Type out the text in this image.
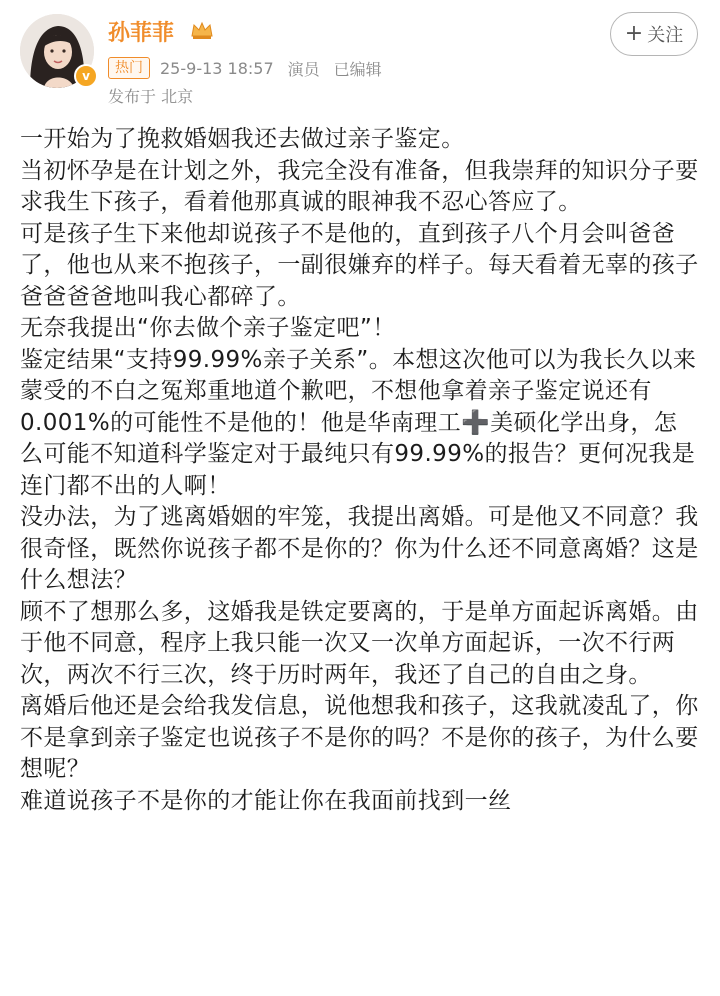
v
孙菲菲
热门	25-9-13 18:57 演员 已编辑
发布于 北京
+ 关注

一开始为了挽救婚姻我还去做过亲子鉴定。

当初怀孕是在计划之外，我完全没有准备，但我崇拜的知识分子要求我生下孩子，看着他那真诚的眼神我不忍心答应了。

可是孩子生下来他却说孩子不是他的，直到孩子八个月会叫爸爸了，他也从来不抱孩子，一副很嫌弃的样子。每天看着无辜的孩子爸爸爸爸地叫我心都碎了。

无奈我提出“你去做个亲子鉴定吧”！

鉴定结果“支持99.99%亲子关系”。本想这次他可以为我长久以来蒙受的不白之冤郑重地道个歉吧，不想他拿着亲子鉴定说还有0.001%的可能性不是他的！他是华南理工➕美硕化学出身，怎么可能不知道科学鉴定对于最纯只有99.99%的报告？更何况我是连门都不出的人啊！

没办法，为了逃离婚姻的牢笼，我提出离婚。可是他又不同意？我很奇怪，既然你说孩子都不是你的？你为什么还不同意离婚？这是什么想法？

顾不了想那么多，这婚我是铁定要离的，于是单方面起诉离婚。由于他不同意，程序上我只能一次又一次单方面起诉，一次不行两次，两次不行三次，终于历时两年，我还了自己的自由之身。

离婚后他还是会给我发信息，说他想我和孩子，这我就凌乱了，你不是拿到亲子鉴定也说孩子不是你的吗？不是你的孩子，为什么要想呢？

难道说孩子不是你的才能让你在我面前找到一丝
